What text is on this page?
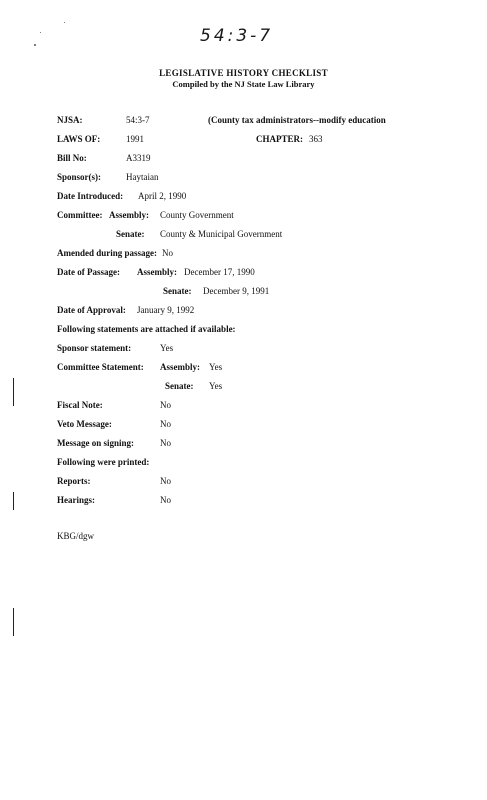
54:3-7
LEGISLATIVE HISTORY CHECKLIST
Compiled by the NJ State Law Library
NJSA:	54:3-7	(County tax administrators--modify education
LAWS OF:	1991	CHAPTER: 363
Bill No:	A3319
Sponsor(s):	Haytaian
Date Introduced: April 2, 1990
Committee: Assembly: County Government
Senate: County & Municipal Government
Amended during passage: No
Date of Passage: Assembly: December 17, 1990
Senate: December 9, 1991
Date of Approval: January 9, 1992
Following statements are attached if available:
Sponsor statement:	Yes
Committee Statement: Assembly: Yes
Senate: Yes
Fiscal Note:	No
Veto Message:	No
Message on signing:	No
Following were printed:
Reports:	No
Hearings:	No
KBG/dgw
